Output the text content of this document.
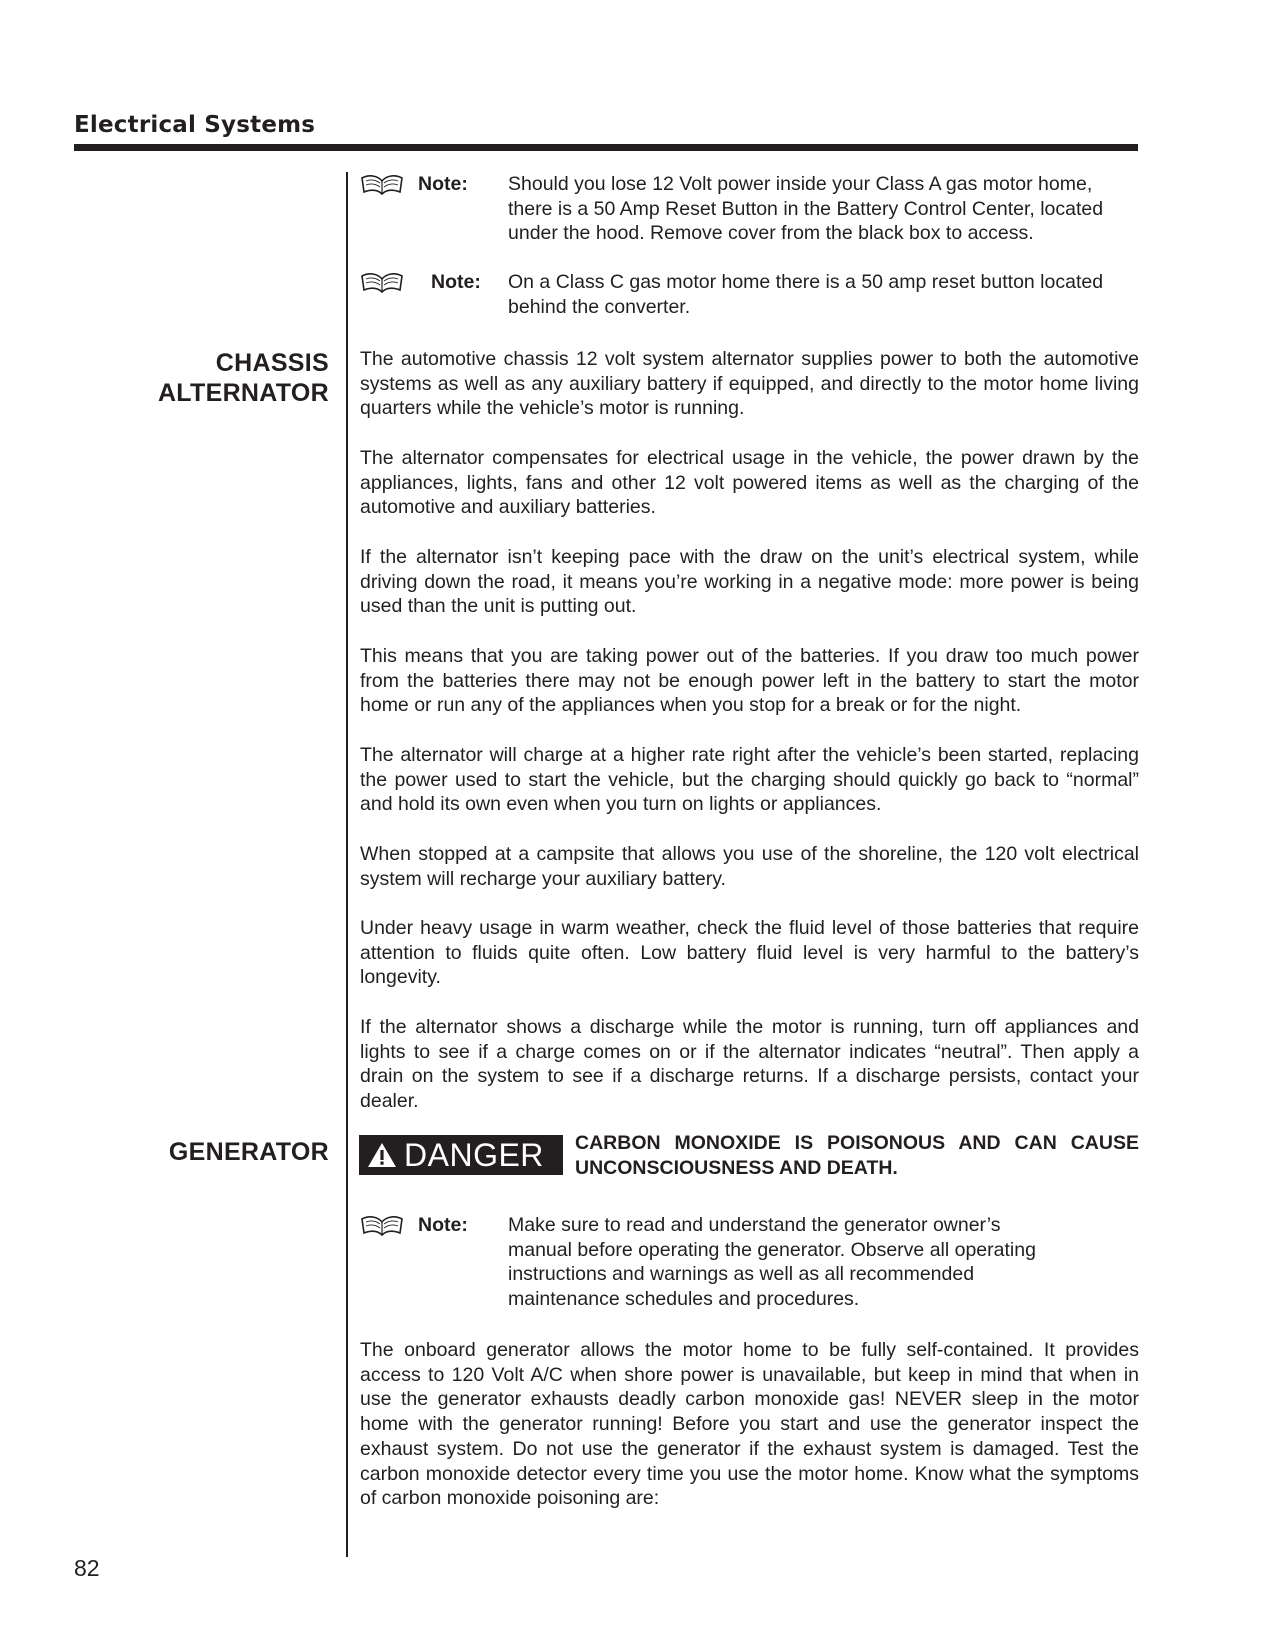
Electrical Systems
Note: Should you lose 12 Volt power inside your Class A gas motor home, there is a 50 Amp Reset Button in the Battery Control Center, located under the hood. Remove cover from the black box to access.
Note: On a Class C gas motor home there is a 50 amp reset button located behind the converter.
CHASSIS
ALTERNATOR
The automotive chassis 12 volt system alternator supplies power to both the automotive systems as well as any auxiliary battery if equipped, and directly to the motor home living quarters while the vehicle’s motor is running.
The alternator compensates for electrical usage in the vehicle, the power drawn by the appliances, lights, fans and other 12 volt powered items as well as the charging of the automotive and auxiliary batteries.
If the alternator isn’t keeping pace with the draw on the unit’s electrical system, while driving down the road, it means you’re working in a negative mode: more power is being used than the unit is putting out.
This means that you are taking power out of the batteries. If you draw too much power from the batteries there may not be enough power left in the battery to start the motor home or run any of the appliances when you stop for a break or for the night.
The alternator will charge at a higher rate right after the vehicle’s been started, replacing the power used to start the vehicle, but the charging should quickly go back to “normal” and hold its own even when you turn on lights or appliances.
When stopped at a campsite that allows you use of the shoreline, the 120 volt electrical system will recharge your auxiliary battery.
Under heavy usage in warm weather, check the fluid level of those batteries that require attention to fluids quite often. Low battery fluid level is very harmful to the battery’s longevity.
If the alternator shows a discharge while the motor is running, turn off appliances and lights to see if a charge comes on or if the alternator indicates “neutral”. Then apply a drain on the system to see if a discharge returns. If a discharge persists, contact your dealer.
GENERATOR DANGER CARBON MONOXIDE IS POISONOUS AND CAN CAUSE UNCONSCIOUSNESS AND DEATH.
Note: Make sure to read and understand the generator owner’s manual before operating the generator. Observe all operating instructions and warnings as well as all recommended maintenance schedules and procedures.
The onboard generator allows the motor home to be fully self-contained. It provides access to 120 Volt A/C when shore power is unavailable, but keep in mind that when in use the generator exhausts deadly carbon monoxide gas! NEVER sleep in the motor home with the generator running! Before you start and use the generator inspect the exhaust system. Do not use the generator if the exhaust system is damaged. Test the carbon monoxide detector every time you use the motor home. Know what the symptoms of carbon monoxide poisoning are:
82
